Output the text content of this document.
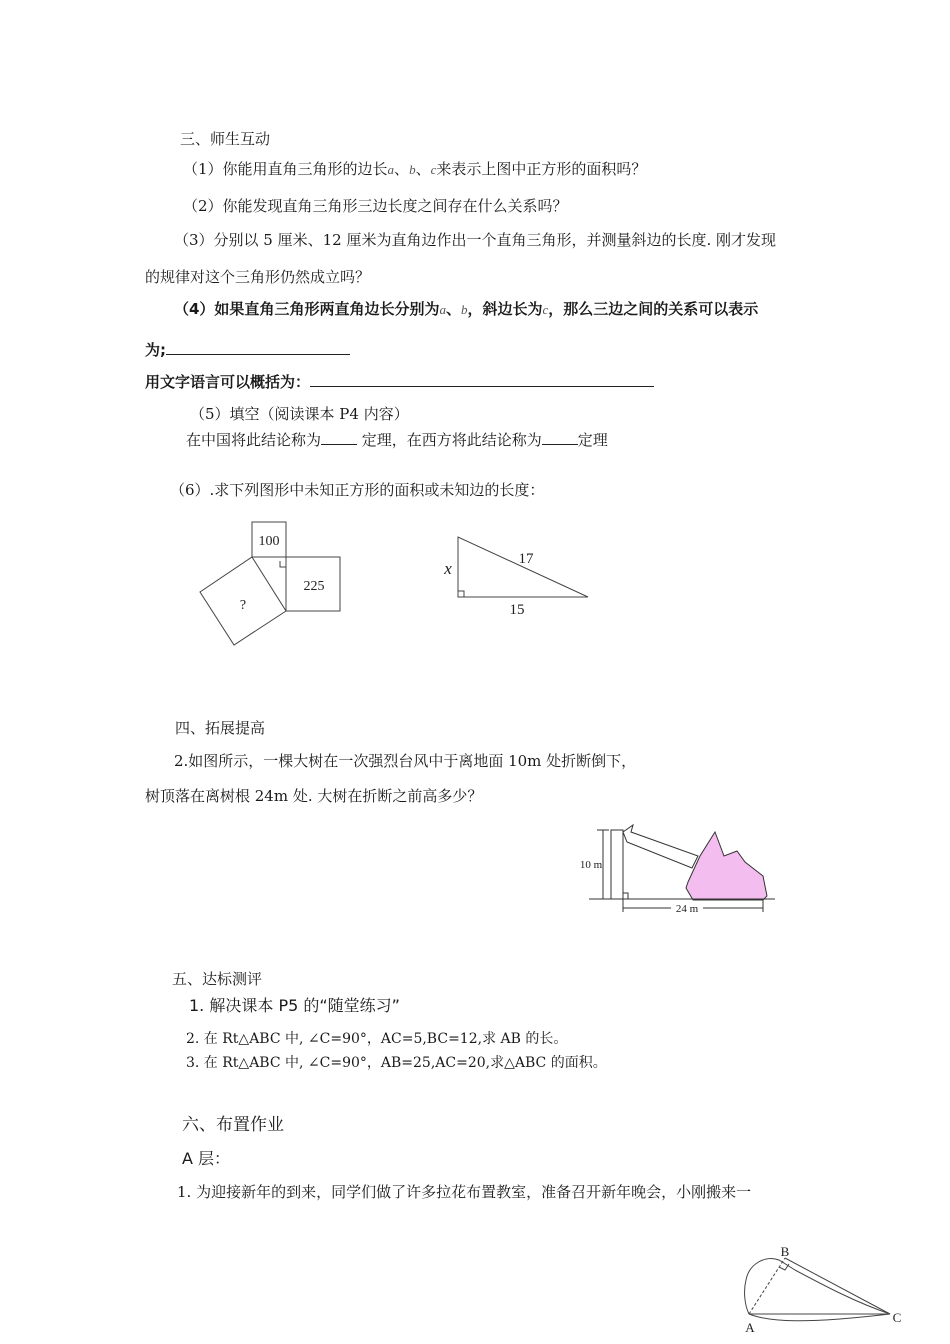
三、师生互动
（1）你能用直角三角形的边长a、b、c来表示上图中正方形的面积吗？
（2）你能发现直角三角形三边长度之间存在什么关系吗？
（3）分别以 5 厘米、12 厘米为直角边作出一个直角三角形，并测量斜边的长度. 刚才发现
的规律对这个三角形仍然成立吗？
（4）如果直角三角形两直角边长分别为a、b，斜边长为c，那么三边之间的关系可以表示
为;
用文字语言可以概括为：
（5）填空（阅读课本 P4 内容）
在中国将此结论称为 定理，在西方将此结论称为 定理
（6）.求下列图形中未知正方形的面积或未知边的长度：
100
225
?
x	17
15
四、拓展提高
2.如图所示，一棵大树在一次强烈台风中于离地面 10m 处折断倒下，
树顶落在离树根 24m 处. 大树在折断之前高多少？
10 m
24 m
五、达标测评
1. 解决课本 P5 的“随堂练习”
2. 在 Rt△ABC 中, ∠C=90°，AC=5,BC=12,求 AB 的长。
3. 在 Rt△ABC 中, ∠C=90°，AB=25,AC=20,求△ABC 的面积。
六、布置作业
A 层：
1. 为迎接新年的到来，同学们做了许多拉花布置教室，准备召开新年晚会，小刚搬来一
B
A
C
